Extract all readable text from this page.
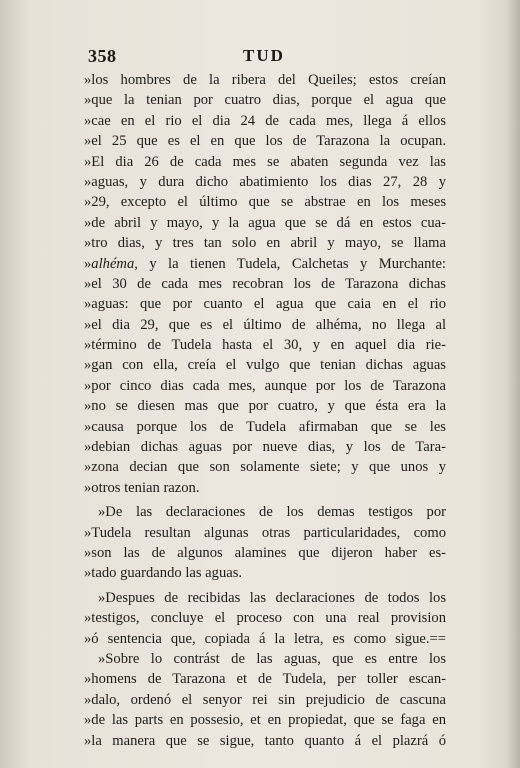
358	TUD
»los hombres de la ribera del Queiles; estos creían
»que la tenian por cuatro dias, porque el agua que
»cae en el rio el dia 24 de cada mes, llega á ellos
»el 25 que es el en que los de Tarazona la ocupan.
»El dia 26 de cada mes se abaten segunda vez las
»aguas, y dura dicho abatimiento los dias 27, 28 y
»29, excepto el último que se abstrae en los meses
»de abril y mayo, y la agua que se dá en estos cua-
»tro dias, y tres tan solo en abril y mayo, se llama
»alhéma, y la tienen Tudela, Calchetas y Murchante:
»el 30 de cada mes recobran los de Tarazona dichas
»aguas: que por cuanto el agua que caia en el rio
»el dia 29, que es el último de alhéma, no llega al
»término de Tudela hasta el 30, y en aquel dia rie-
»gan con ella, creía el vulgo que tenian dichas aguas
»por cinco dias cada mes, aunque por los de Tarazona
»no se diesen mas que por cuatro, y que ésta era la
»causa porque los de Tudela afirmaban que se les
»debian dichas aguas por nueve dias, y los de Tara-
»zona decian que son solamente siete; y que unos y
»otros tenian razon.
»De las declaraciones de los demas testigos por
»Tudela resultan algunas otras particularidades, como
»son las de algunos alamines que dijeron haber es-
»tado guardando las aguas.
»Despues de recibidas las declaraciones de todos los
»testigos, concluye el proceso con una real provision
»ó sentencia que, copiada á la letra, es como sigue.==
»Sobre lo contrást de las aguas, que es entre los
»homens de Tarazona et de Tudela, per toller escan-
»dalo, ordenó el senyor rei sin prejudicio de cascuna
»de las parts en possesio, et en propiedat, que se faga en
»la manera que se sigue, tanto quanto á el plazrá ó
